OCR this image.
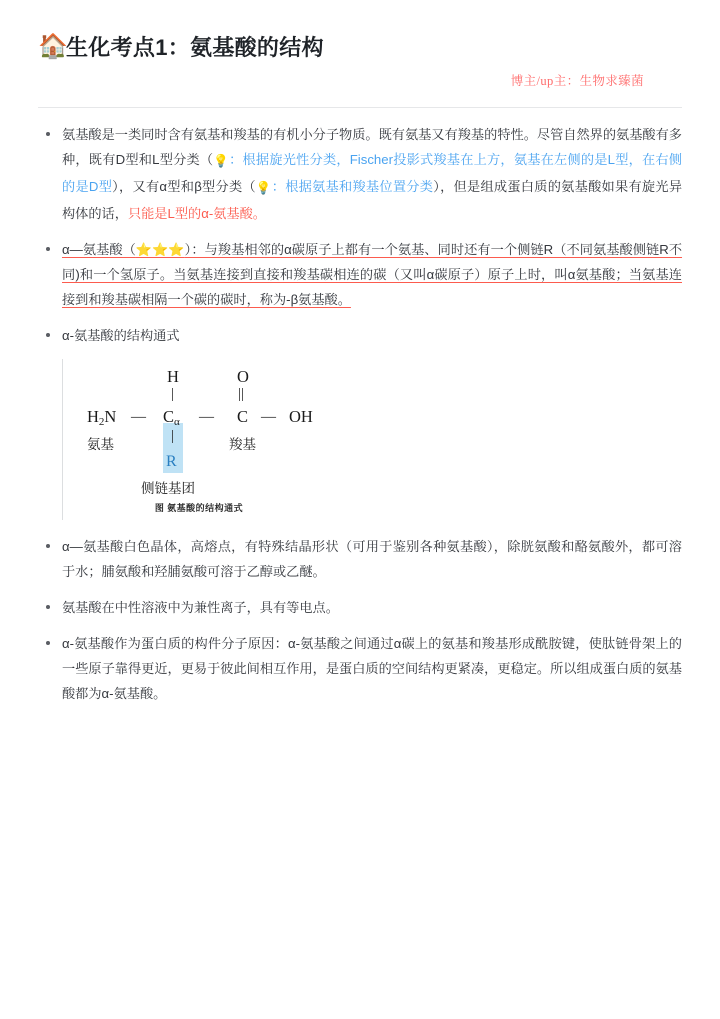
🏠
生化考点1：氨基酸的结构
博主/up主：生物求臻菌
氨基酸是一类同时含有氨基和羧基的有机小分子物质。既有氨基又有羧基的特性。尽管自然界的氨基酸有多种，既有D型和L型分类（💡：根据旋光性分类，Fischer投影式羧基在上方，氨基在左侧的是L型，在右侧的是D型），又有α型和β型分类（💡：根据氨基和羧基位置分类），但是组成蛋白质的氨基酸如果有旋光异构体的话，只能是L型的α-氨基酸。
α—氨基酸（⭐⭐⭐）：与羧基相邻的α碳原子上都有一个氨基、同时还有一个侧链R（不同氨基酸侧链R不同)和一个氢原子。当氨基连接到直接和羧基碳相连的碳（又叫α碳原子）原子上时，叫α氨基酸；当氨基连接到和羧基碳相隔一个碳的碳时，称为-β氨基酸。
α-氨基酸的结构通式
H	O
|	||
$H_2N$ — $C_\alpha$ — C — OH
氨基	羧基
|
R
侧链基团
图 氨基酸的结构通式
α—氨基酸白色晶体，高熔点，有特殊结晶形状（可用于鉴别各种氨基酸），除胱氨酸和酪氨酸外，都可溶于水；脯氨酸和羟脯氨酸可溶于乙醇或乙醚。
氨基酸在中性溶液中为兼性离子，具有等电点。
α-氨基酸作为蛋白质的构件分子原因：α-氨基酸之间通过α碳上的氨基和羧基形成酰胺键，使肽链骨架上的一些原子靠得更近，更易于彼此间相互作用，是蛋白质的空间结构更紧凑，更稳定。所以组成蛋白质的氨基酸都为α-氨基酸。
